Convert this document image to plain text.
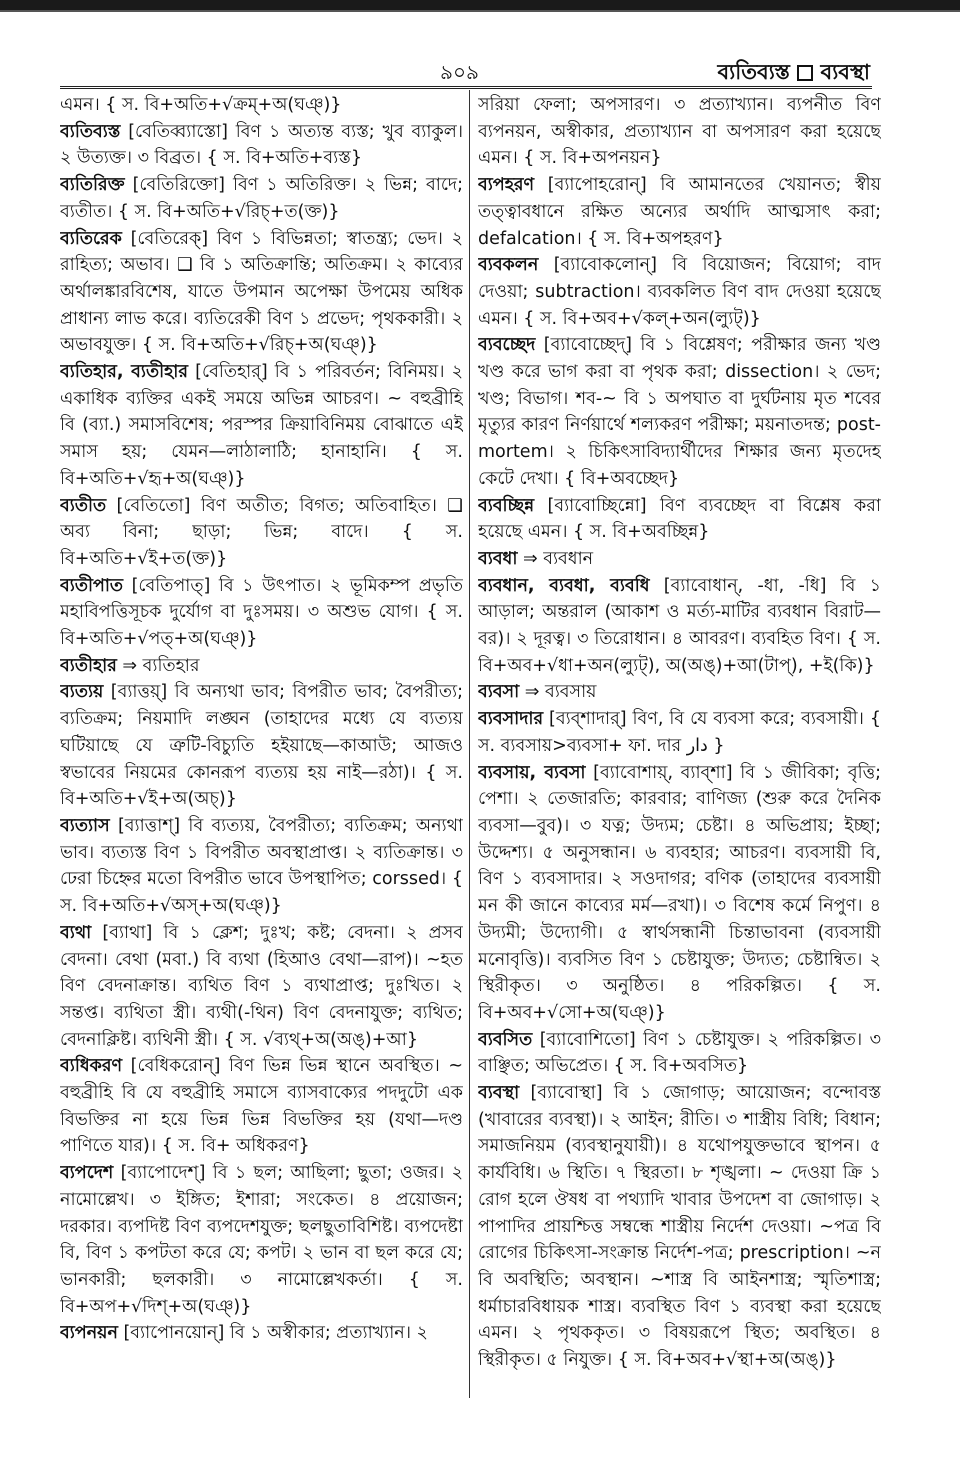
৯০৯	ব্যতিব্যস্ত ব্যবস্থা

এমন। { স. বি+অতি+√ক্রম্+অ(ঘঞ্)}

ব্যতিব্যস্ত [বেতিব্ব্যাস্তো] বিণ ১ অত্যন্ত ব্যস্ত; খুব ব্যাকুল। ২ উত্যক্ত। ৩ বিব্রত। { স. বি+অতি+ব্যস্ত}

ব্যতিরিক্ত [বেতিরিক্তো] বিণ ১ অতিরিক্ত। ২ ভিন্ন; বাদে; ব্যতীত। { স. বি+অতি+√রিচ্+ত(ক্ত)}

ব্যতিরেক [বেতিরেক্] বিণ ১ বিভিন্নতা; স্বাতন্ত্র্য; ভেদ। ২ রাহিত্য; অভাব। ❑ বি ১ অতিক্রান্তি; অতিক্রম। ২ কাব্যের অর্থালঙ্কারবিশেষ, যাতে উপমান অপেক্ষা উপমেয় অধিক প্রাধান্য লাভ করে। ব্যতিরেকী বিণ ১ প্রভেদ; পৃথককারী। ২ অভাবযুক্ত। { স. বি+অতি+√রিচ্+অ(ঘঞ্)}

ব্যতিহার, ব্যতীহার [বেতিহার্] বি ১ পরিবর্তন; বিনিময়। ২ একাধিক ব্যক্তির একই সময়ে অভিন্ন আচরণ। ~ বহুব্রীহি বি (ব্যা.) সমাসবিশেষ; পরস্পর ক্রিয়াবিনিময় বোঝাতে এই সমাস হয়; যেমন—লাঠালাঠি; হানাহানি। { স. বি+অতি+√হৃ+অ(ঘঞ্)}

ব্যতীত [বেতিতো] বিণ অতীত; বিগত; অতিবাহিত। ❑ অব্য বিনা; ছাড়া; ভিন্ন; বাদে। { স. বি+অতি+√ই+ত(ক্ত)}

ব্যতীপাত [বেতিপাত্] বি ১ উৎপাত। ২ ভূমিকম্প প্রভৃতি মহাবিপত্তিসূচক দুর্যোগ বা দুঃসময়। ৩ অশুভ যোগ। { স. বি+অতি+√পত্+অ(ঘঞ্)}

ব্যতীহার ⇒ ব্যতিহার

ব্যত্যয় [ব্যাত্তয়্] বি অন্যথা ভাব; বিপরীত ভাব; বৈপরীত্য; ব্যতিক্রম; নিয়মাদি লঙ্ঘন (তাহাদের মধ্যে যে ব্যত্যয় ঘটিয়াছে যে ত্রুটি-বিচ্যুতি হইয়াছে—কাআউ; আজও স্বভাবের নিয়মের কোনরূপ ব্যত্যয় হয় নাই—রঠা)। { স. বি+অতি+√ই+অ(অচ্)}

ব্যত্যাস [ব্যাত্তাশ্] বি ব্যত্যয়, বৈপরীত্য; ব্যতিক্রম; অন্যথা ভাব। ব্যত্যস্ত বিণ ১ বিপরীত অবস্থাপ্রাপ্ত। ২ ব্যতিক্রান্ত। ৩ ঢেরা চিহ্নের মতো বিপরীত ভাবে উপস্থাপিত; corssed। { স. বি+অতি+√অস্+অ(ঘঞ্)}

ব্যথা [ব্যাথা] বি ১ ক্লেশ; দুঃখ; কষ্ট; বেদনা। ২ প্রসব বেদনা। বেথা (মবা.) বি ব্যথা (হিআও বেথা—রাপ)। ~হত বিণ বেদনাক্রান্ত। ব্যথিত বিণ ১ ব্যথাপ্রাপ্ত; দুঃখিত। ২ সন্তপ্ত। ব্যথিতা স্ত্রী। ব্যথী(-থিন) বিণ বেদনাযুক্ত; ব্যথিত; বেদনাক্লিষ্ট। ব্যথিনী স্ত্রী। { স. √ব্যথ্+অ(অঙ্)+আ}

ব্যধিকরণ [বেধিকরোন্] বিণ ভিন্ন ভিন্ন স্থানে অবস্থিত। ~ বহুব্রীহি বি যে বহুব্রীহি সমাসে ব্যাসবাক্যের পদদুটো এক বিভক্তির না হয়ে ভিন্ন ভিন্ন বিভক্তির হয় (যথা—দণ্ড পাণিতে যার)। { স. বি+ অধিকরণ}

ব্যপদেশ [ব্যাপোদেশ্] বি ১ ছল; আছিলা; ছুতা; ওজর। ২ নামোল্লেখ। ৩ ইঙ্গিত; ইশারা; সংকেত। ৪ প্রয়োজন; দরকার। ব্যপদিষ্ট বিণ ব্যপদেশযুক্ত; ছলছুতাবিশিষ্ট। ব্যপদেষ্টা বি, বিণ ১ কপটতা করে যে; কপট। ২ ভান বা ছল করে যে; ভানকারী; ছলকারী। ৩ নামোল্লেখকর্তা। { স. বি+অপ+√দিশ্+অ(ঘঞ্)}

ব্যপনয়ন [ব্যাপোনয়োন্] বি ১ অস্বীকার; প্রত্যাখ্যান। ২

সরিয়া ফেলা; অপসারণ। ৩ প্রত্যাখ্যান। ব্যপনীত বিণ ব্যপনয়ন, অস্বীকার, প্রত্যাখ্যান বা অপসারণ করা হয়েছে এমন। { স. বি+অপনয়ন}

ব্যপহরণ [ব্যাপোহরোন্] বি আমানতের খেয়ানত; স্বীয় তত্ত্বাবধানে রক্ষিত অন্যের অর্থাদি আত্মসাৎ করা; defalcation। { স. বি+অপহরণ}

ব্যবকলন [ব্যাবোকলোন্] বি বিয়োজন; বিয়োগ; বাদ দেওয়া; subtraction। ব্যবকলিত বিণ বাদ দেওয়া হয়েছে এমন। { স. বি+অব+√কল্+অন(ল্যুট্)}

ব্যবচ্ছেদ [ব্যাবোচ্ছেদ্] বি ১ বিশ্লেষণ; পরীক্ষার জন্য খণ্ড খণ্ড করে ভাগ করা বা পৃথক করা; dissection। ২ ভেদ; খণ্ড; বিভাগ। শব-~ বি ১ অপঘাত বা দুর্ঘটনায় মৃত শবের মৃত্যুর কারণ নির্ণয়ার্থে শল্যকরণ পরীক্ষা; ময়নাতদন্ত; post-mortem। ২ চিকিৎসাবিদ্যার্থীদের শিক্ষার জন্য মৃতদেহ কেটে দেখা। { বি+অবচ্ছেদ}

ব্যবচ্ছিন্ন [ব্যাবোচ্ছিন্নো] বিণ ব্যবচ্ছেদ বা বিশ্লেষ করা হয়েছে এমন। { স. বি+অবচ্ছিন্ন}

ব্যবধা ⇒ ব্যবধান

ব্যবধান, ব্যবধা, ব্যবধি [ব্যাবোধান্, -ধা, -ধি] বি ১ আড়াল; অন্তরাল (আকাশ ও মর্ত্য-মাটির ব্যবধান বিরাট—বর)। ২ দূরত্ব। ৩ তিরোধান। ৪ আবরণ। ব্যবহিত বিণ। { স. বি+অব+√ধা+অন(ল্যুট্), অ(অঙ্)+আ(টাপ্), +ই(কি)}

ব্যবসা ⇒ ব্যবসায়

ব্যবসাদার [ব্যব্শাদার্] বিণ, বি যে ব্যবসা করে; ব্যবসায়ী। { স. ব্যবসায়>ব্যবসা+ ফা. দার دار }

ব্যবসায়, ব্যবসা [ব্যাবোশায়্, ব্যাব্শা] বি ১ জীবিকা; বৃত্তি; পেশা। ২ তেজারতি; কারবার; বাণিজ্য (শুরু করে দৈনিক ব্যবসা—বুব)। ৩ যত্ন; উদ্যম; চেষ্টা। ৪ অভিপ্রায়; ইচ্ছা; উদ্দেশ্য। ৫ অনুসন্ধান। ৬ ব্যবহার; আচরণ। ব্যবসায়ী বি, বিণ ১ ব্যবসাদার। ২ সওদাগর; বণিক (তাহাদের ব্যবসায়ী মন কী জানে কাব্যের মর্ম—রখা)। ৩ বিশেষ কর্মে নিপুণ। ৪ উদ্যমী; উদ্যোগী। ৫ স্বার্থসন্ধানী চিন্তাভাবনা (ব্যবসায়ী মনোবৃত্তি)। ব্যবসিত বিণ ১ চেষ্টাযুক্ত; উদ্যত; চেষ্টান্বিত। ২ স্থিরীকৃত। ৩ অনুষ্ঠিত। ৪ পরিকল্পিত। { স. বি+অব+√সো+অ(ঘঞ্)}

ব্যবসিত [ব্যাবোশিতো] বিণ ১ চেষ্টাযুক্ত। ২ পরিকল্পিত। ৩ বাঞ্ছিত; অভিপ্রেত। { স. বি+অবসিত}

ব্যবস্থা [ব্যাবোস্থা] বি ১ জোগাড়; আয়োজন; বন্দোবস্ত (খাবারের ব্যবস্থা)। ২ আইন; রীতি। ৩ শাস্ত্রীয় বিধি; বিধান; সমাজনিয়ম (ব্যবস্থানুযায়ী)। ৪ যথোপযুক্তভাবে স্থাপন। ৫ কার্যবিধি। ৬ স্থিতি। ৭ স্থিরতা। ৮ শৃঙ্খলা। ~ দেওয়া ক্রি ১ রোগ হলে ঔষধ বা পথ্যাদি খাবার উপদেশ বা জোগাড়। ২ পাপাদির প্রায়শ্চিত্ত সম্বন্ধে শাস্ত্রীয় নির্দেশ দেওয়া। ~পত্র বি রোগের চিকিৎসা-সংক্রান্ত নির্দেশ-পত্র; prescription। ~ন বি অবস্থিতি; অবস্থান। ~শাস্ত্র বি আইনশাস্ত্র; স্মৃতিশাস্ত্র; ধর্মাচারবিধায়ক শাস্ত্র। ব্যবস্থিত বিণ ১ ব্যবস্থা করা হয়েছে এমন। ২ পৃথককৃত। ৩ বিষয়রূপে স্থিত; অবস্থিত। ৪ স্থিরীকৃত। ৫ নিযুক্ত। { স. বি+অব+√স্থা+অ(অঙ্)}
